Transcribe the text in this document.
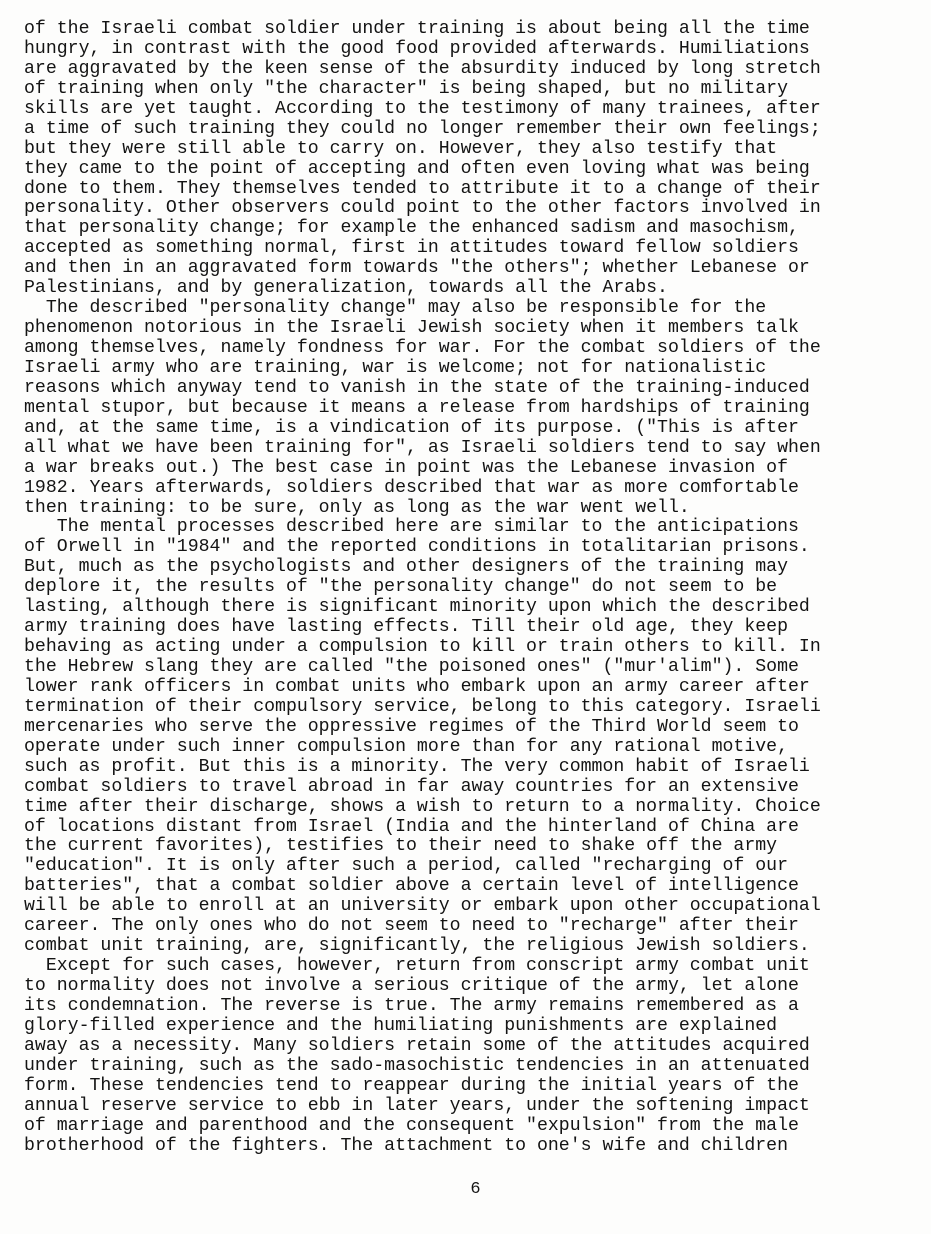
of the Israeli combat soldier under training is about being all the time
hungry, in contrast with the good food provided afterwards. Humiliations
are aggravated by the keen sense of the absurdity induced by long stretch
of training when only "the character" is being shaped, but no military
skills are yet taught. According to the testimony of many trainees, after
a time of such training they could no longer remember their own feelings;
but they were still able to carry on. However, they also testify that
they came to the point of accepting and often even loving what was being
done to them. They themselves tended to attribute it to a change of their
personality. Other observers could point to the other factors involved in
that personality change; for example the enhanced sadism and masochism,
accepted as something normal, first in attitudes toward fellow soldiers
and then in an aggravated form towards "the others"; whether Lebanese or
Palestinians, and by generalization, towards all the Arabs.
The described "personality change" may also be responsible for the
phenomenon notorious in the Israeli Jewish society when it members talk
among themselves, namely fondness for war. For the combat soldiers of the
Israeli army who are training, war is welcome; not for nationalistic
reasons which anyway tend to vanish in the state of the training-induced
mental stupor, but because it means a release from hardships of training
and, at the same time, is a vindication of its purpose. ("This is after
all what we have been training for", as Israeli soldiers tend to say when
a war breaks out.) The best case in point was the Lebanese invasion of
1982. Years afterwards, soldiers described that war as more comfortable
then training: to be sure, only as long as the war went well.
The mental processes described here are similar to the anticipations
of Orwell in "1984" and the reported conditions in totalitarian prisons.
But, much as the psychologists and other designers of the training may
deplore it, the results of "the personality change" do not seem to be
lasting, although there is significant minority upon which the described
army training does have lasting effects. Till their old age, they keep
behaving as acting under a compulsion to kill or train others to kill. In
the Hebrew slang they are called "the poisoned ones" ("mur'alim"). Some
lower rank officers in combat units who embark upon an army career after
termination of their compulsory service, belong to this category. Israeli
mercenaries who serve the oppressive regimes of the Third World seem to
operate under such inner compulsion more than for any rational motive,
such as profit. But this is a minority. The very common habit of Israeli
combat soldiers to travel abroad in far away countries for an extensive
time after their discharge, shows a wish to return to a normality. Choice
of locations distant from Israel (India and the hinterland of China are
the current favorites), testifies to their need to shake off the army
"education". It is only after such a period, called "recharging of our
batteries", that a combat soldier above a certain level of intelligence
will be able to enroll at an university or embark upon other occupational
career. The only ones who do not seem to need to "recharge" after their
combat unit training, are, significantly, the religious Jewish soldiers.
Except for such cases, however, return from conscript army combat unit
to normality does not involve a serious critique of the army, let alone
its condemnation. The reverse is true. The army remains remembered as a
glory-filled experience and the humiliating punishments are explained
away as a necessity. Many soldiers retain some of the attitudes acquired
under training, such as the sado-masochistic tendencies in an attenuated
form. These tendencies tend to reappear during the initial years of the
annual reserve service to ebb in later years, under the softening impact
of marriage and parenthood and the consequent "expulsion" from the male
brotherhood of the fighters. The attachment to one's wife and children
6
